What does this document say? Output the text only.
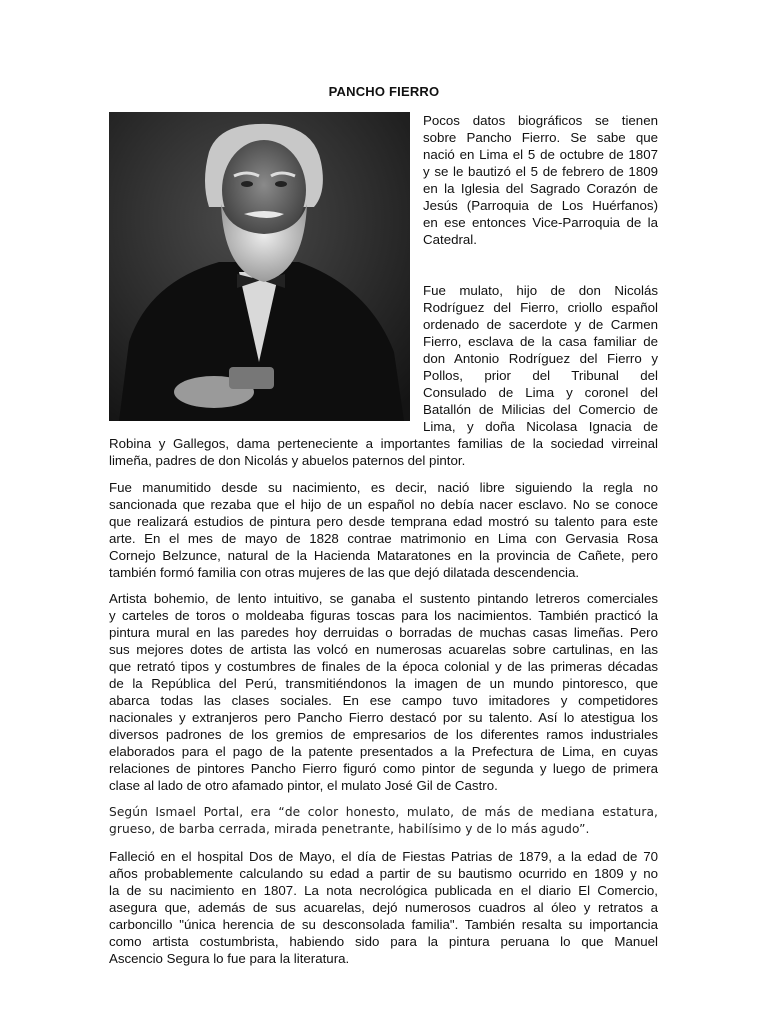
PANCHO FIERRO
Pocos datos biográficos se tienen
sobre Pancho Fierro. Se sabe que
nació en Lima el 5 de octubre de 1807
y se le bautizó el 5 de febrero de 1809
en la Iglesia del Sagrado Corazón de
Jesús (Parroquia de Los Huérfanos)
en ese entonces Vice-Parroquia de la
Catedral.
Fue mulato, hijo de don Nicolás
Rodríguez del Fierro, criollo español
ordenado de sacerdote y de Carmen
Fierro, esclava de la casa familiar de
don Antonio Rodríguez del Fierro y
Pollos, prior del Tribunal del
Consulado de Lima y coronel del
Batallón de Milicias del Comercio de
Lima, y doña Nicolasa Ignacia de
Robina y Gallegos, dama perteneciente a importantes familias de la sociedad virreinal
limeña, padres de don Nicolás y abuelos paternos del pintor.
Fue manumitido desde su nacimiento, es decir, nació libre siguiendo la regla no
sancionada que rezaba que el hijo de un español no debía nacer esclavo. No se conoce
que realizará estudios de pintura pero desde temprana edad mostró su talento para este
arte. En el mes de mayo de 1828 contrae matrimonio en Lima con Gervasia Rosa
Cornejo Belzunce, natural de la Hacienda Mataratones en la provincia de Cañete, pero
también formó familia con otras mujeres de las que dejó dilatada descendencia.
Artista bohemio, de lento intuitivo, se ganaba el sustento pintando letreros comerciales
y carteles de toros o moldeaba figuras toscas para los nacimientos. También practicó la
pintura mural en las paredes hoy derruidas o borradas de muchas casas limeñas. Pero
sus mejores dotes de artista las volcó en numerosas acuarelas sobre cartulinas, en las
que retrató tipos y costumbres de finales de la época colonial y de las primeras décadas
de la República del Perú, transmitiéndonos la imagen de un mundo pintoresco, que
abarca todas las clases sociales. En ese campo tuvo imitadores y competidores
nacionales y extranjeros pero Pancho Fierro destacó por su talento. Así lo atestigua los
diversos padrones de los gremios de empresarios de los diferentes ramos industriales
elaborados para el pago de la patente presentados a la Prefectura de Lima, en cuyas
relaciones de pintores Pancho Fierro figuró como pintor de segunda y luego de primera
clase al lado de otro afamado pintor, el mulato José Gil de Castro.
Según Ismael Portal, era “de color honesto, mulato, de más de mediana estatura,
grueso, de barba cerrada, mirada penetrante, habilísimo y de lo más agudo”.
Falleció en el hospital Dos de Mayo, el día de Fiestas Patrias de 1879, a la edad de 70
años probablemente calculando su edad a partir de su bautismo ocurrido en 1809 y no
la de su nacimiento en 1807. La nota necrológica publicada en el diario El Comercio,
asegura que, además de sus acuarelas, dejó numerosos cuadros al óleo y retratos a
carboncillo "única herencia de su desconsolada familia". También resalta su importancia
como artista costumbrista, habiendo sido para la pintura peruana lo que Manuel
Ascencio Segura lo fue para la literatura.
